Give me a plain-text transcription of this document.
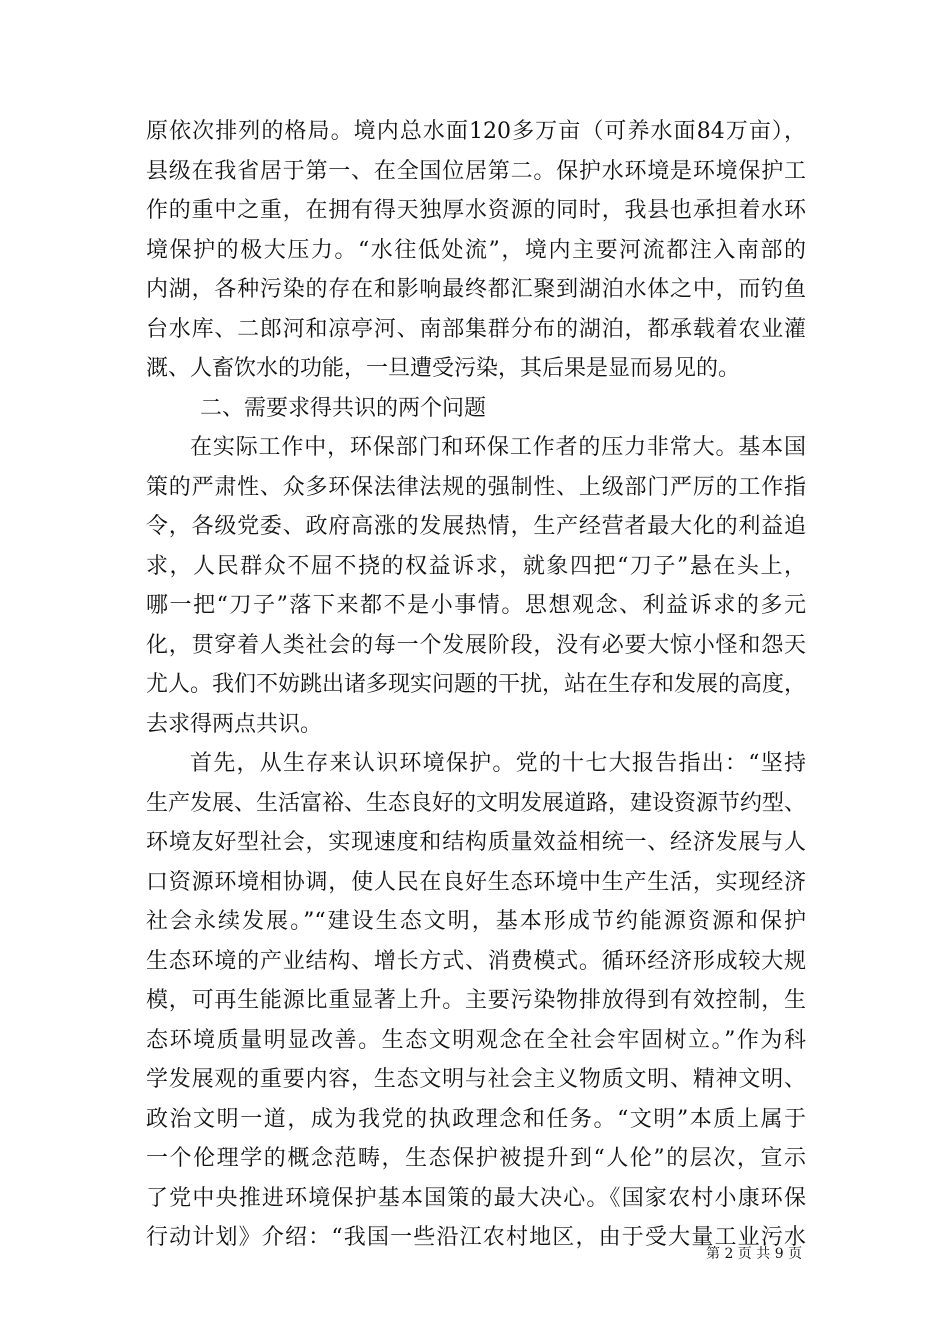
原依次排列的格局。境内总水面120多万亩（可养水面84万亩），
县级在我省居于第一、在全国位居第二。保护水环境是环境保护工
作的重中之重，在拥有得天独厚水资源的同时，我县也承担着水环
境保护的极大压力。“水往低处流”，境内主要河流都注入南部的
内湖，各种污染的存在和影响最终都汇聚到湖泊水体之中，而钓鱼
台水库、二郎河和凉亭河、南部集群分布的湖泊，都承载着农业灌
溉、人畜饮水的功能，一旦遭受污染，其后果是显而易见的。
二、需要求得共识的两个问题
在实际工作中，环保部门和环保工作者的压力非常大。基本国
策的严肃性、众多环保法律法规的强制性、上级部门严厉的工作指
令，各级党委、政府高涨的发展热情，生产经营者最大化的利益追
求，人民群众不屈不挠的权益诉求，就象四把“刀子”悬在头上，
哪一把“刀子”落下来都不是小事情。思想观念、利益诉求的多元
化，贯穿着人类社会的每一个发展阶段，没有必要大惊小怪和怨天
尤人。我们不妨跳出诸多现实问题的干扰，站在生存和发展的高度，
去求得两点共识。
首先，从生存来认识环境保护。党的十七大报告指出：“坚持
生产发展、生活富裕、生态良好的文明发展道路，建设资源节约型、
环境友好型社会，实现速度和结构质量效益相统一、经济发展与人
口资源环境相协调，使人民在良好生态环境中生产生活，实现经济
社会永续发展。”“建设生态文明，基本形成节约能源资源和保护
生态环境的产业结构、增长方式、消费模式。循环经济形成较大规
模，可再生能源比重显著上升。主要污染物排放得到有效控制，生
态环境质量明显改善。生态文明观念在全社会牢固树立。”作为科
学发展观的重要内容，生态文明与社会主义物质文明、精神文明、
政治文明一道，成为我党的执政理念和任务。“文明”本质上属于
一个伦理学的概念范畴，生态保护被提升到“人伦”的层次，宣示
了党中央推进环境保护基本国策的最大决心。《国家农村小康环保
行动计划》介绍：“我国一些沿江农村地区，由于受大量工业污水
第 2 页 共 9 页
